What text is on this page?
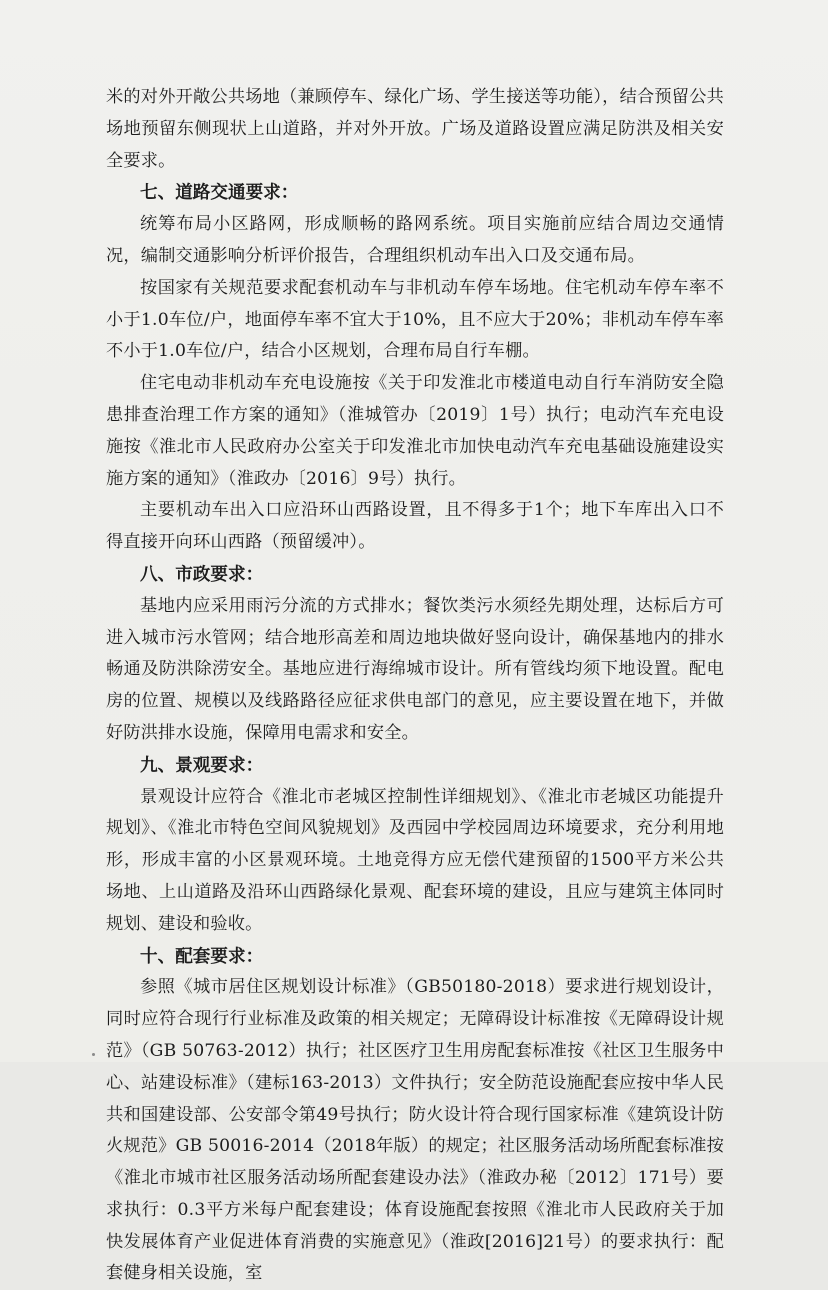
米的对外开敞公共场地（兼顾停车、绿化广场、学生接送等功能），结合预留公共场地预留东侧现状上山道路，并对外开放。广场及道路设置应满足防洪及相关安全要求。

七、道路交通要求：

统筹布局小区路网，形成顺畅的路网系统。项目实施前应结合周边交通情况，编制交通影响分析评价报告，合理组织机动车出入口及交通布局。

按国家有关规范要求配套机动车与非机动车停车场地。住宅机动车停车率不小于1.0车位/户，地面停车率不宜大于10%，且不应大于20%；非机动车停车率不小于1.0车位/户，结合小区规划，合理布局自行车棚。

住宅电动非机动车充电设施按《关于印发淮北市楼道电动自行车消防安全隐患排查治理工作方案的通知》（淮城管办〔2019〕1号）执行；电动汽车充电设施按《淮北市人民政府办公室关于印发淮北市加快电动汽车充电基础设施建设实施方案的通知》（淮政办〔2016〕9号）执行。

主要机动车出入口应沿环山西路设置，且不得多于1个；地下车库出入口不得直接开向环山西路（预留缓冲）。

八、市政要求：

基地内应采用雨污分流的方式排水；餐饮类污水须经先期处理，达标后方可进入城市污水管网；结合地形高差和周边地块做好竖向设计，确保基地内的排水畅通及防洪除涝安全。基地应进行海绵城市设计。所有管线均须下地设置。配电房的位置、规模以及线路路径应征求供电部门的意见，应主要设置在地下，并做好防洪排水设施，保障用电需求和安全。

九、景观要求：

景观设计应符合《淮北市老城区控制性详细规划》、《淮北市老城区功能提升规划》、《淮北市特色空间风貌规划》及西园中学校园周边环境要求，充分利用地形，形成丰富的小区景观环境。土地竞得方应无偿代建预留的1500平方米公共场地、上山道路及沿环山西路绿化景观、配套环境的建设，且应与建筑主体同时规划、建设和验收。

十、配套要求：

参照《城市居住区规划设计标准》（GB50180-2018）要求进行规划设计，同时应符合现行行业标准及政策的相关规定；无障碍设计标准按《无障碍设计规范》（GB 50763-2012）执行；社区医疗卫生用房配套标准按《社区卫生服务中心、站建设标准》（建标163-2013）文件执行；安全防范设施配套应按中华人民共和国建设部、公安部令第49号执行；防火设计符合现行国家标准《建筑设计防火规范》GB 50016-2014（2018年版）的规定；社区服务活动场所配套标准按《淮北市城市社区服务活动场所配套建设办法》（淮政办秘〔2012〕171号）要求执行：0.3平方米每户配套建设；体育设施配套按照《淮北市人民政府关于加快发展体育产业促进体育消费的实施意见》（淮政[2016]21号）的要求执行：配套健身相关设施，室
